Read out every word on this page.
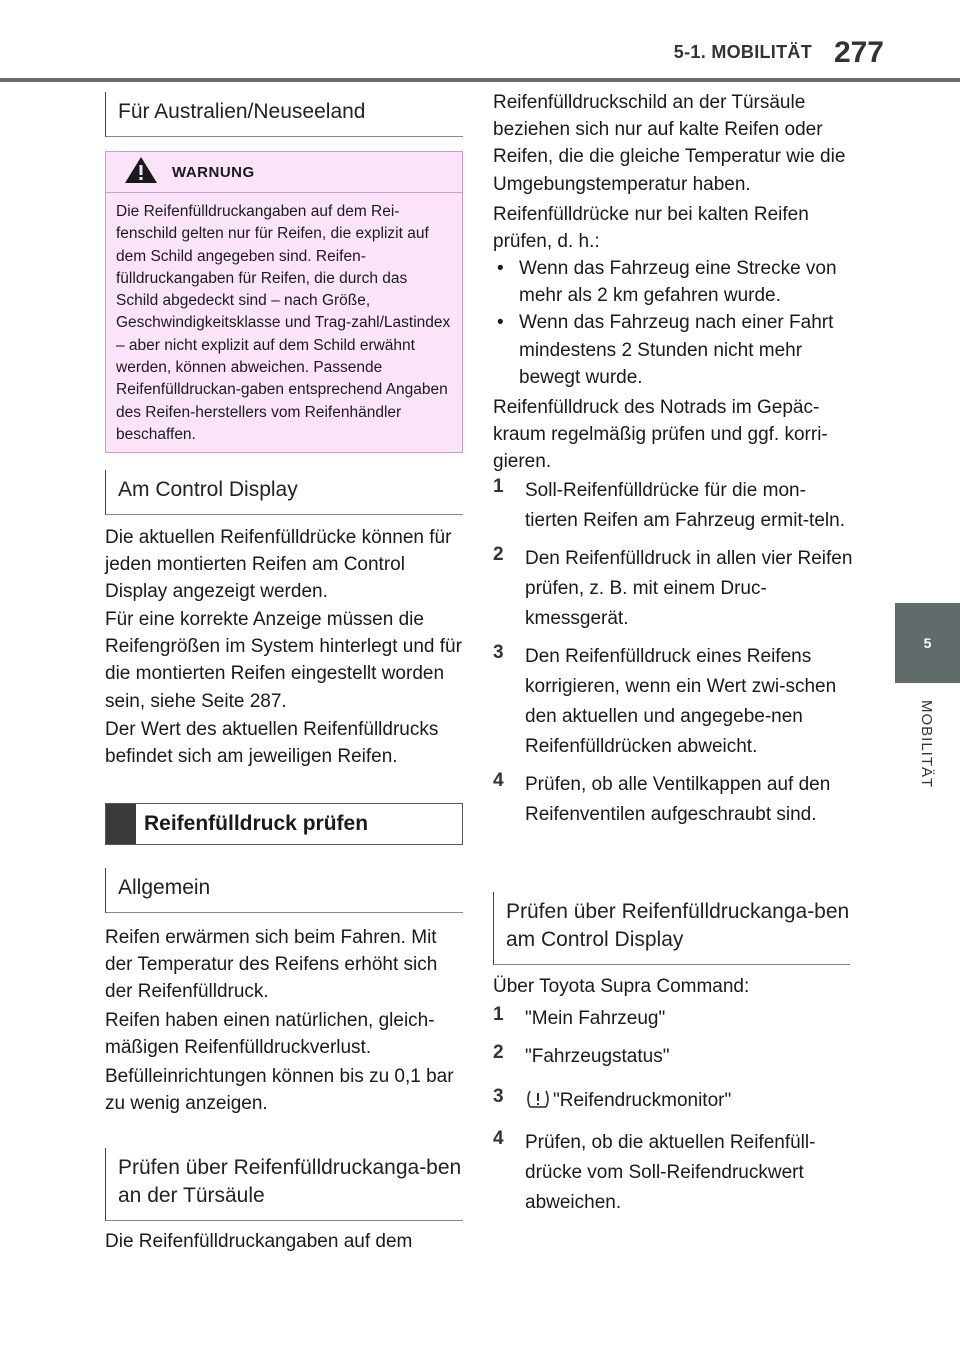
5-1. MOBILITÄT 277
5
MOBILITÄT
Für Australien/Neuseeland
WARNUNG
Die Reifenfülldruckangaben auf dem Rei-fenschild gelten nur für Reifen, die explizit auf dem Schild angegeben sind. Reifen-fülldruckangaben für Reifen, die durch das Schild abgedeckt sind – nach Größe, Geschwindigkeitsklasse und Trag-zahl/Lastindex – aber nicht explizit auf dem Schild erwähnt werden, können abweichen. Passende Reifenfülldruckan-gaben entsprechend Angaben des Reifen-herstellers vom Reifenhändler beschaffen.
Am Control Display

Die aktuellen Reifenfülldrücke können für jeden montierten Reifen am Control Display angezeigt werden.

Für eine korrekte Anzeige müssen die Reifengrößen im System hinterlegt und für die montierten Reifen eingestellt worden sein, siehe Seite 287.

Der Wert des aktuellen Reifenfülldrucks befindet sich am jeweiligen Reifen.

Reifenfülldruck prüfen
Allgemein

Reifen erwärmen sich beim Fahren. Mit der Temperatur des Reifens erhöht sich der Reifenfülldruck.

Reifen haben einen natürlichen, gleich-mäßigen Reifenfülldruckverlust.

Befülleinrichtungen können bis zu 0,1 bar zu wenig anzeigen.

Prüfen über Reifenfülldruckanga-ben an der Türsäule

Die Reifenfülldruckangaben auf dem

Reifenfülldruckschild an der Türsäule beziehen sich nur auf kalte Reifen oder Reifen, die die gleiche Temperatur wie die Umgebungstemperatur haben.

Reifenfülldrücke nur bei kalten Reifen prüfen, d. h.:

• Wenn das Fahrzeug eine Strecke von mehr als 2 km gefahren wurde.

• Wenn das Fahrzeug nach einer Fahrt mindestens 2 Stunden nicht mehr bewegt wurde.

Reifenfülldruck des Notrads im Gepäc-kraum regelmäßig prüfen und ggf. korri-gieren.

1 Soll-Reifenfülldrücke für die mon-tierten Reifen am Fahrzeug ermit-teln.
2 Den Reifenfülldruck in allen vier Reifen prüfen, z. B. mit einem Druc-kmessgerät.
3 Den Reifenfülldruck eines Reifens korrigieren, wenn ein Wert zwi-schen den aktuellen und angegebe-nen Reifenfülldrücken abweicht.
4 Prüfen, ob alle Ventilkappen auf den Reifenventilen aufgeschraubt sind.
Prüfen über Reifenfülldruckanga-ben am Control Display

Über Toyota Supra Command:

1 "Mein Fahrzeug"
2 "Fahrzeugstatus"
3	"Reifendruckmonitor"
4 Prüfen, ob die aktuellen Reifenfüll-drücke vom Soll-Reifendruckwert abweichen.
